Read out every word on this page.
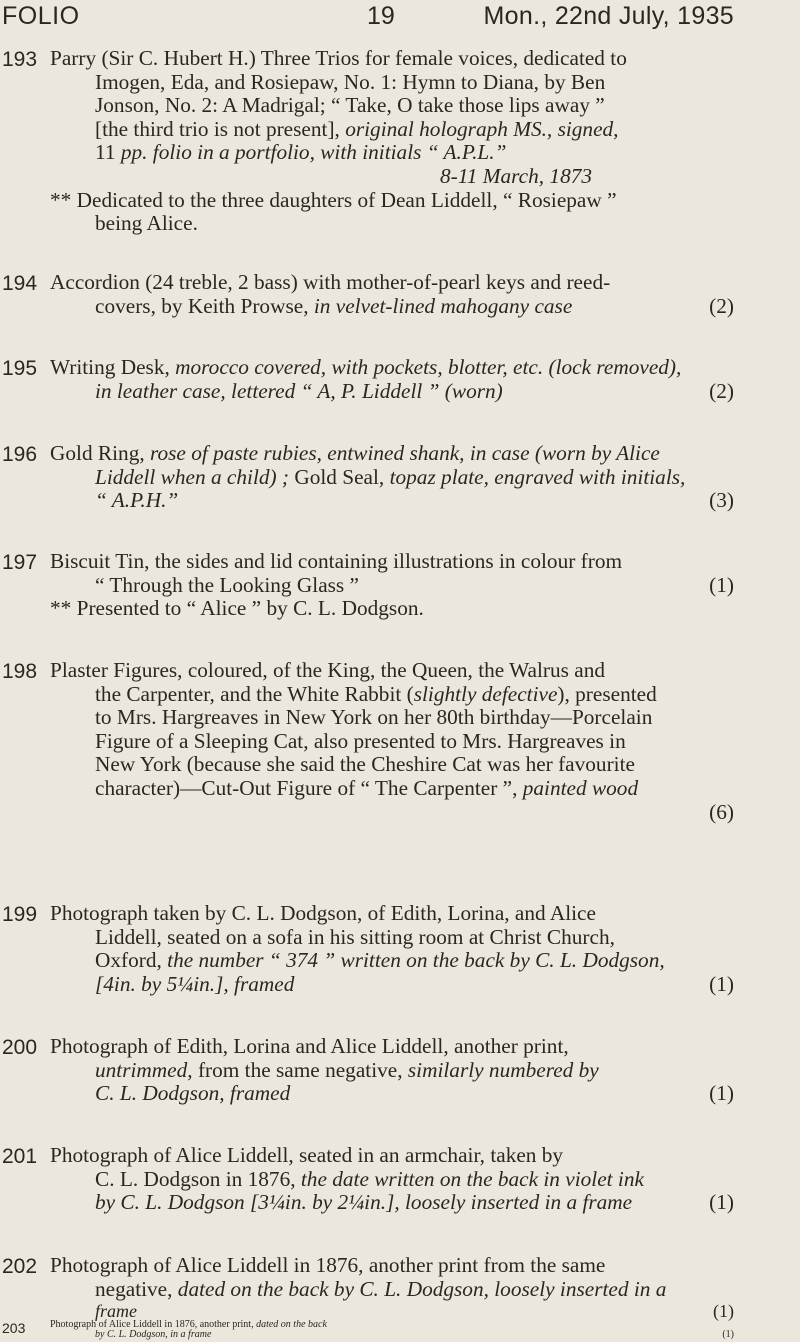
FOLIO	19	Mon., 22nd July, 1935
193 Parry (Sir C. Hubert H.) Three Trios for female voices, dedicated to
Imogen, Eda, and Rosiepaw, No. 1: Hymn to Diana, by Ben
Jonson, No. 2: A Madrigal; “ Take, O take those lips away ”
[the third trio is not present], original holograph MS., signed,
11 pp. folio in a portfolio, with initials “ A.P.L.”
8-11 March, 1873
** Dedicated to the three daughters of Dean Liddell, “ Rosiepaw ”
being Alice.
194 Accordion (24 treble, 2 bass) with mother-of-pearl keys and reed-
covers, by Keith Prowse, in velvet-lined mahogany case	(2)
195 Writing Desk, morocco covered, with pockets, blotter, etc. (lock removed),
in leather case, lettered “ A, P. Liddell ” (worn)	(2)
196 Gold Ring, rose of paste rubies, entwined shank, in case (worn by Alice
Liddell when a child) ; Gold Seal, topaz plate, engraved with initials,
“ A.P.H.”	(3)
197 Biscuit Tin, the sides and lid containing illustrations in colour from
“ Through the Looking Glass ”	(1)
** Presented to “ Alice ” by C. L. Dodgson.
198 Plaster Figures, coloured, of the King, the Queen, the Walrus and
the Carpenter, and the White Rabbit (slightly defective), presented
to Mrs. Hargreaves in New York on her 80th birthday—Porcelain
Figure of a Sleeping Cat, also presented to Mrs. Hargreaves in
New York (because she said the Cheshire Cat was her favourite
character)—Cut-Out Figure of “ The Carpenter ”, painted wood
(6)
199 Photograph taken by C. L. Dodgson, of Edith, Lorina, and Alice
Liddell, seated on a sofa in his sitting room at Christ Church,
Oxford, the number “ 374 ” written on the back by C. L. Dodgson,
[4in. by 5¼in.], framed	(1)
200 Photograph of Edith, Lorina and Alice Liddell, another print,
untrimmed, from the same negative, similarly numbered by
C. L. Dodgson, framed	(1)
201 Photograph of Alice Liddell, seated in an armchair, taken by
C. L. Dodgson in 1876, the date written on the back in violet ink
by C. L. Dodgson [3¼in. by 2¼in.], loosely inserted in a frame	(1)
202 Photograph of Alice Liddell in 1876, another print from the same
negative, dated on the back by C. L. Dodgson, loosely inserted in a
frame	(1)
203	Photograph of Alice Liddell in 1876, another print, dated on the back
by C. L. Dodgson, in a frame	(1)
